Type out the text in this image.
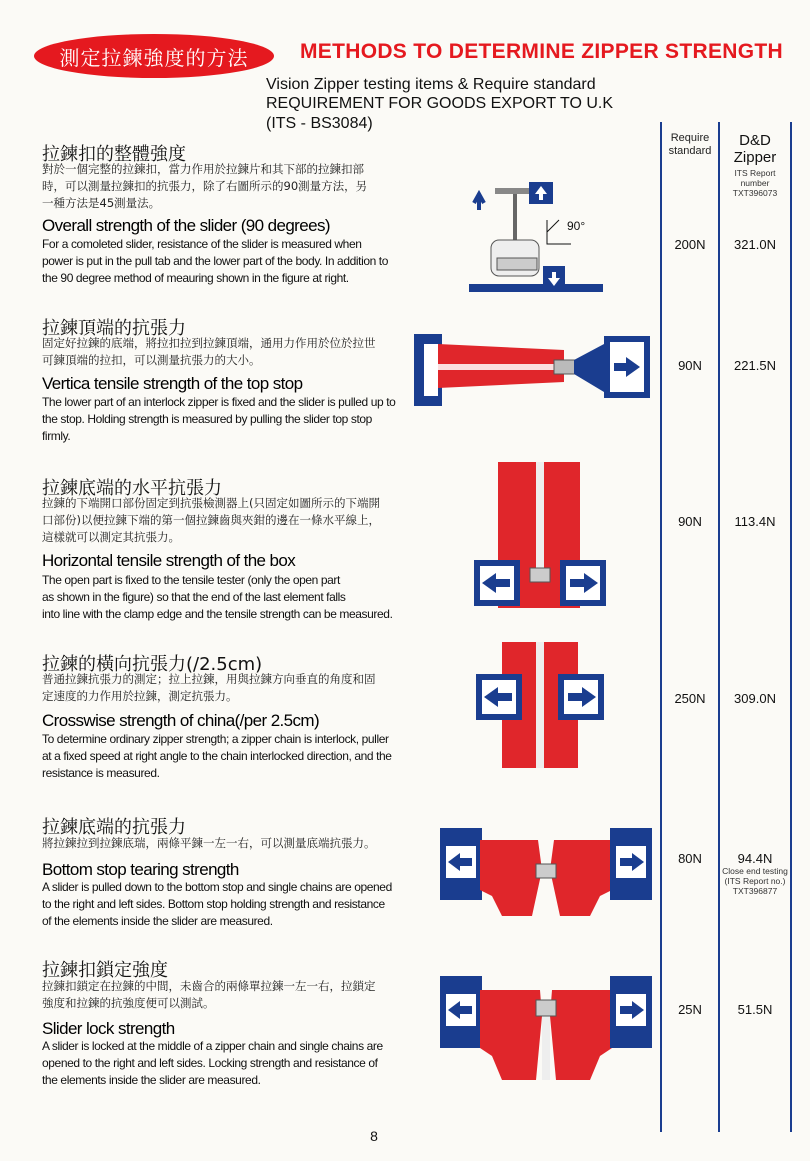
測定拉鍊強度的方法	METHODS TO DETERMINE ZIPPER STRENGTH
Vision Zipper testing items & Require standard
REQUIREMENT FOR GOODS EXPORT TO U.K
(ITS - BS3084)
Require
standard
D&D
Zipper
ITS Report
number
TXT396073
拉鍊扣的整體強度
對於一個完整的拉鍊扣，當力作用於拉鍊片和其下部的拉鍊扣部
時，可以測量拉鍊扣的抗張力，除了右圖所示的90測量方法，另
一種方法是45測量法。
Overall strength of the slider (90 degrees)
For a comoleted slider, resistance of the slider is measured when
power is put in the pull tab and the lower part of the body. In addition to
the 90 degree method of meauring shown in the figure at right.
90°
200N	321.0N
拉鍊頂端的抗張力
固定好拉鍊的底端，將拉扣拉到拉鍊頂端，通用力作用於位於拉世
可鍊頂端的拉扣，可以測量抗張力的大小。
Vertica tensile strength of the top stop
The lower part of an interlock zipper is fixed and the slider is pulled up to
the stop. Holding strength is measured by pulling the slider top stop
firmly.
90N	221.5N
拉鍊底端的水平抗張力
拉鍊的下端開口部份固定到抗張檢測器上(只固定如圖所示的下端開
口部份)以便拉鍊下端的第一個拉鍊齒與夾鉗的邊在一條水平線上，
這樣就可以測定其抗張力。
Horizontal tensile strength of the box
The open part is fixed to the tensile tester (only the open part
as shown in the figure) so that the end of the last element falls
into line with the clamp edge and the tensile strength can be measured.
90N	113.4N
拉鍊的橫向抗張力(/2.5cm)
普通拉鍊抗張力的測定；拉上拉鍊，用與拉鍊方向垂直的角度和固
定速度的力作用於拉鍊，測定抗張力。
Crosswise strength of china(/per 2.5cm)
To determine ordinary zipper strength; a zipper chain is interlock, puller
at a fixed speed at right angle to the chain interlocked direction, and the
resistance is measured.
250N	309.0N
拉鍊底端的抗張力
將拉鍊拉到拉鍊底瑞，兩條平鍊一左一右，可以測量底端抗張力。
Bottom stop tearing strength
A slider is pulled down to the bottom stop and single chains are opened
to the right and left sides. Bottom stop holding strength and resistance
of the elements inside the slider are measured.
80N	94.4N
Close end testing
(ITS Report no.)
TXT396877
拉鍊扣鎖定強度
拉鍊扣鎖定在拉鍊的中間，未齒合的兩條單拉鍊一左一右，拉鎖定
強度和拉鍊的抗強度便可以測試。
Slider lock strength
A slider is locked at the middle of a zipper chain and single chains are
opened to the right and left sides. Locking strength and resistance of
the elements inside the slider are measured.
25N	51.5N
8
